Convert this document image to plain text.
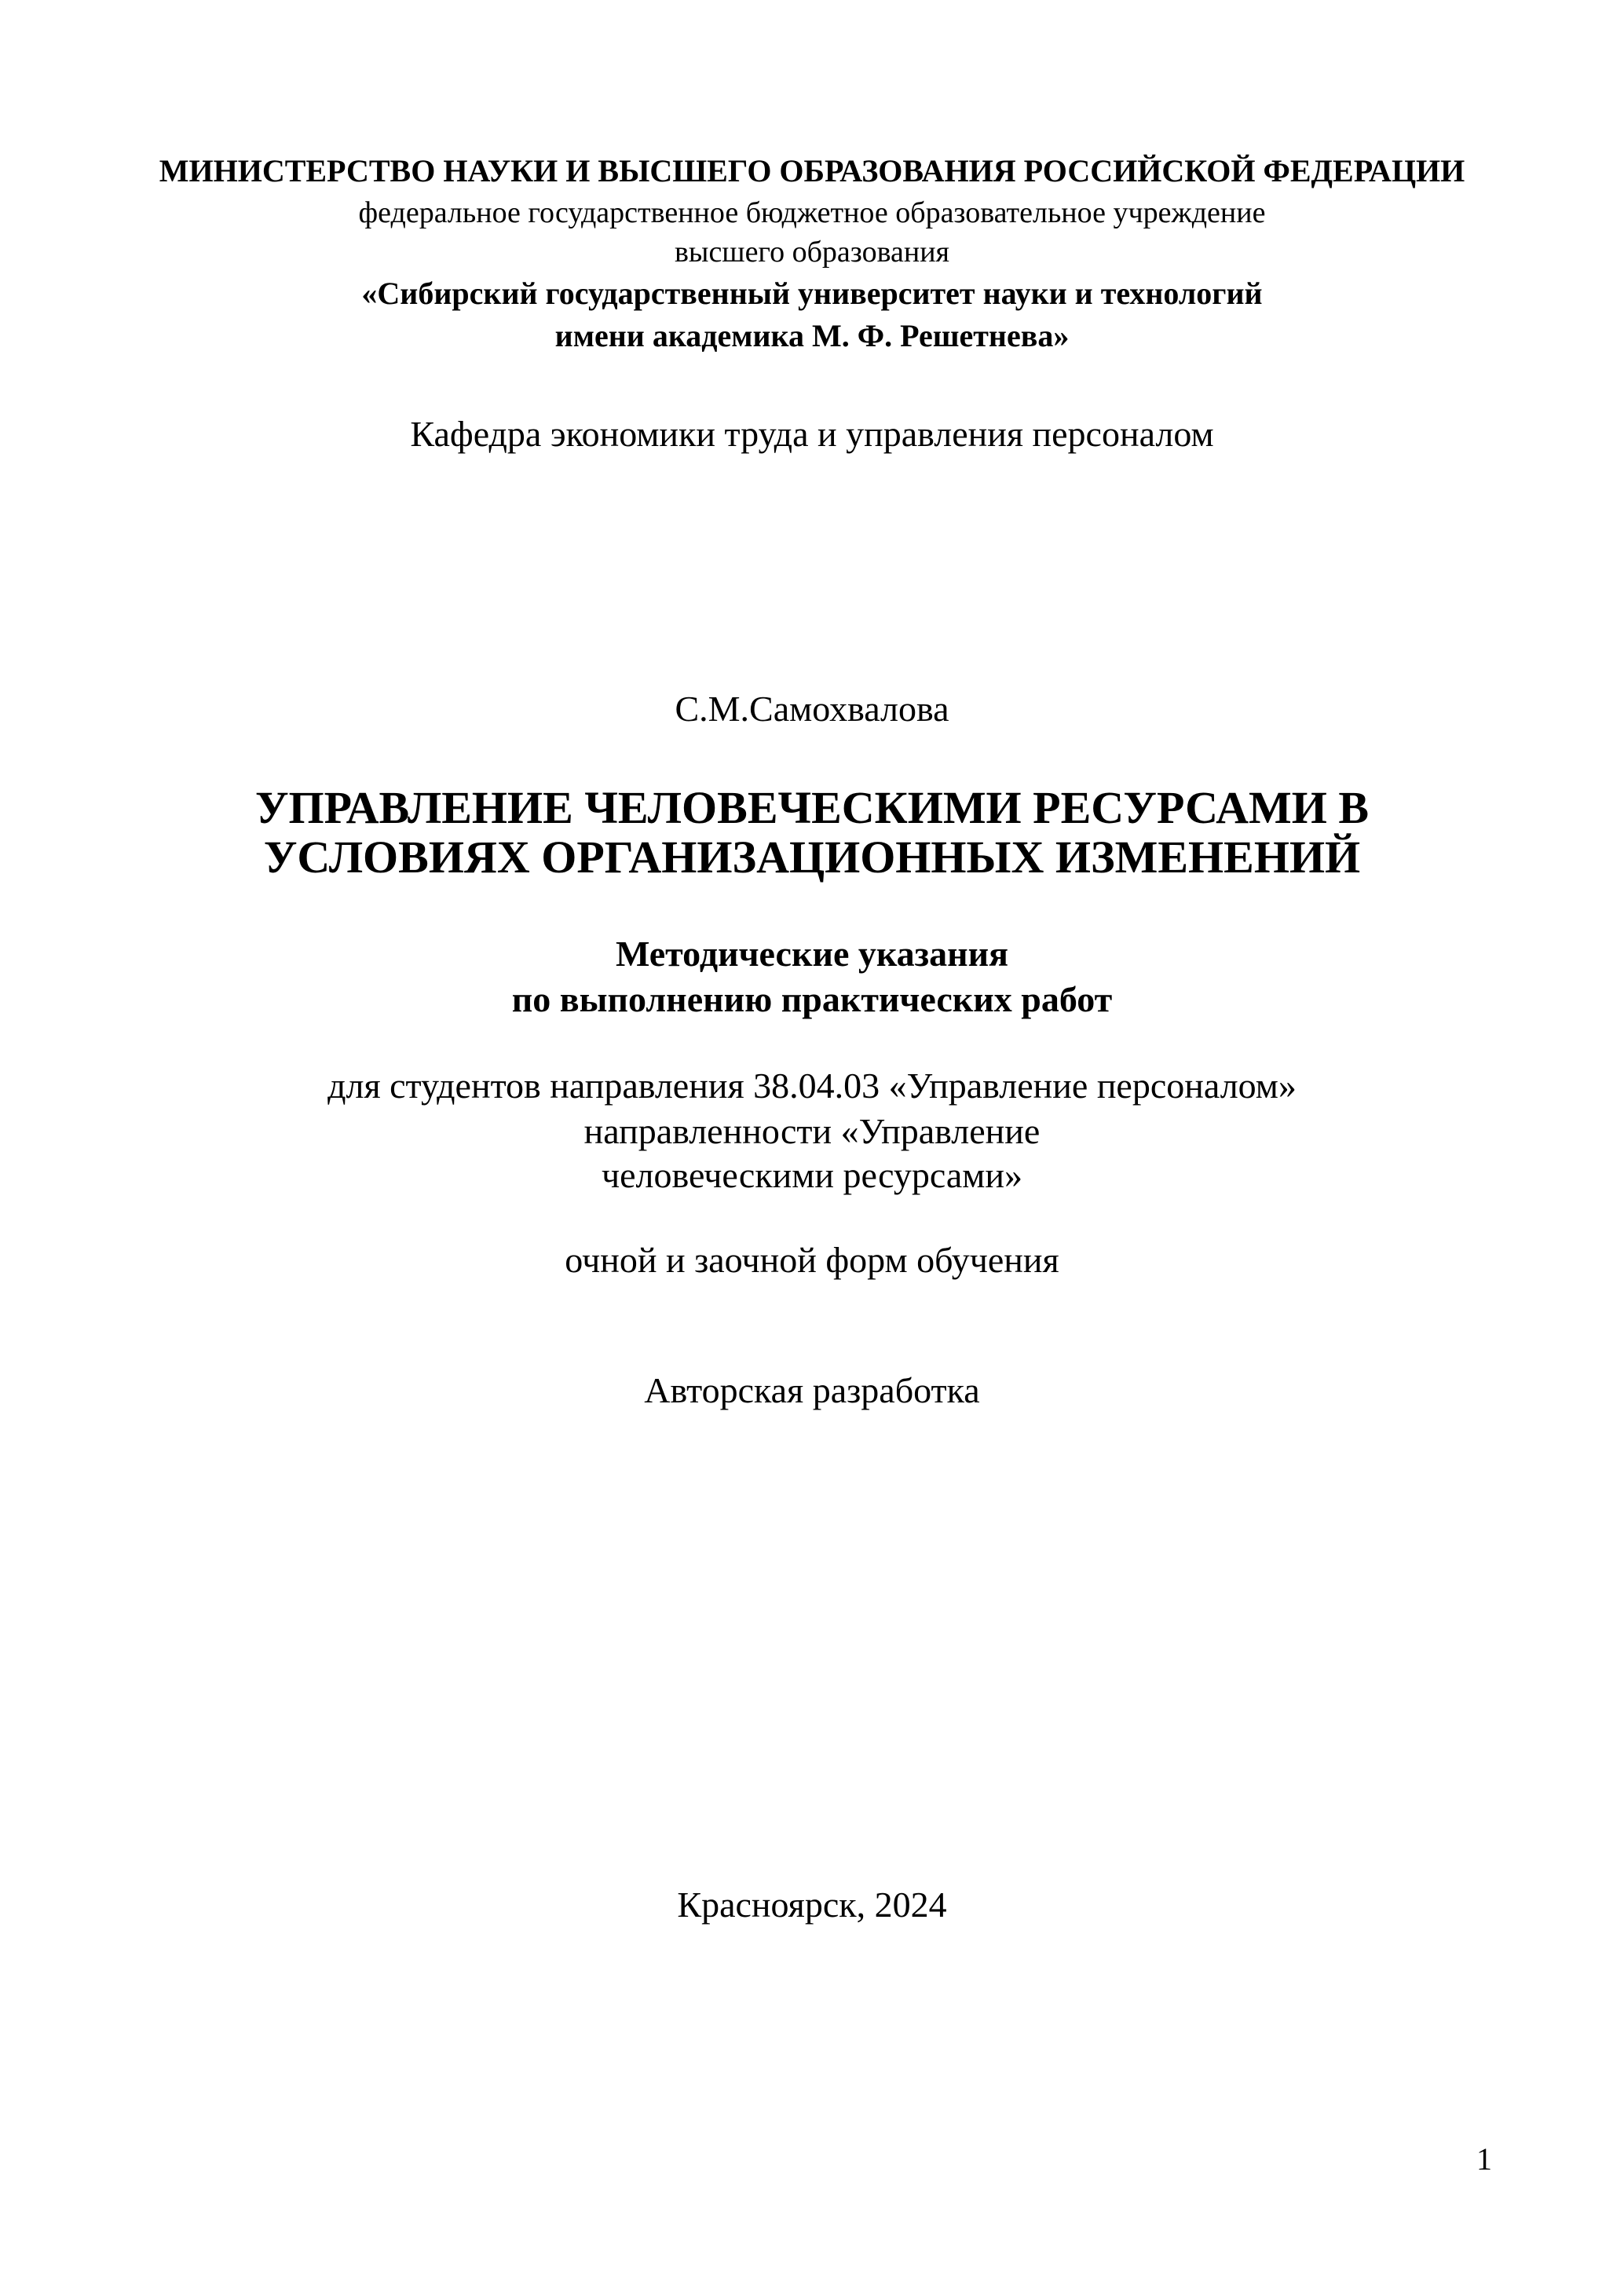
МИНИСТЕРСТВО НАУКИ И ВЫСШЕГО ОБРАЗОВАНИЯ РОССИЙСКОЙ ФЕДЕРАЦИИ
федеральное государственное бюджетное образовательное учреждение
высшего образования
«Сибирский государственный университет науки и технологий
имени академика М. Ф. Решетнева»
Кафедра экономики труда и управления персоналом
С.М.Самохвалова
УПРАВЛЕНИЕ ЧЕЛОВЕЧЕСКИМИ РЕСУРСАМИ В
УСЛОВИЯХ ОРГАНИЗАЦИОННЫХ ИЗМЕНЕНИЙ
Методические указания
по выполнению практических работ
для студентов направления 38.04.03 «Управление персоналом»
направленности «Управление
человеческими ресурсами»
очной и заочной форм обучения
Авторская разработка
Красноярск, 2024
1
